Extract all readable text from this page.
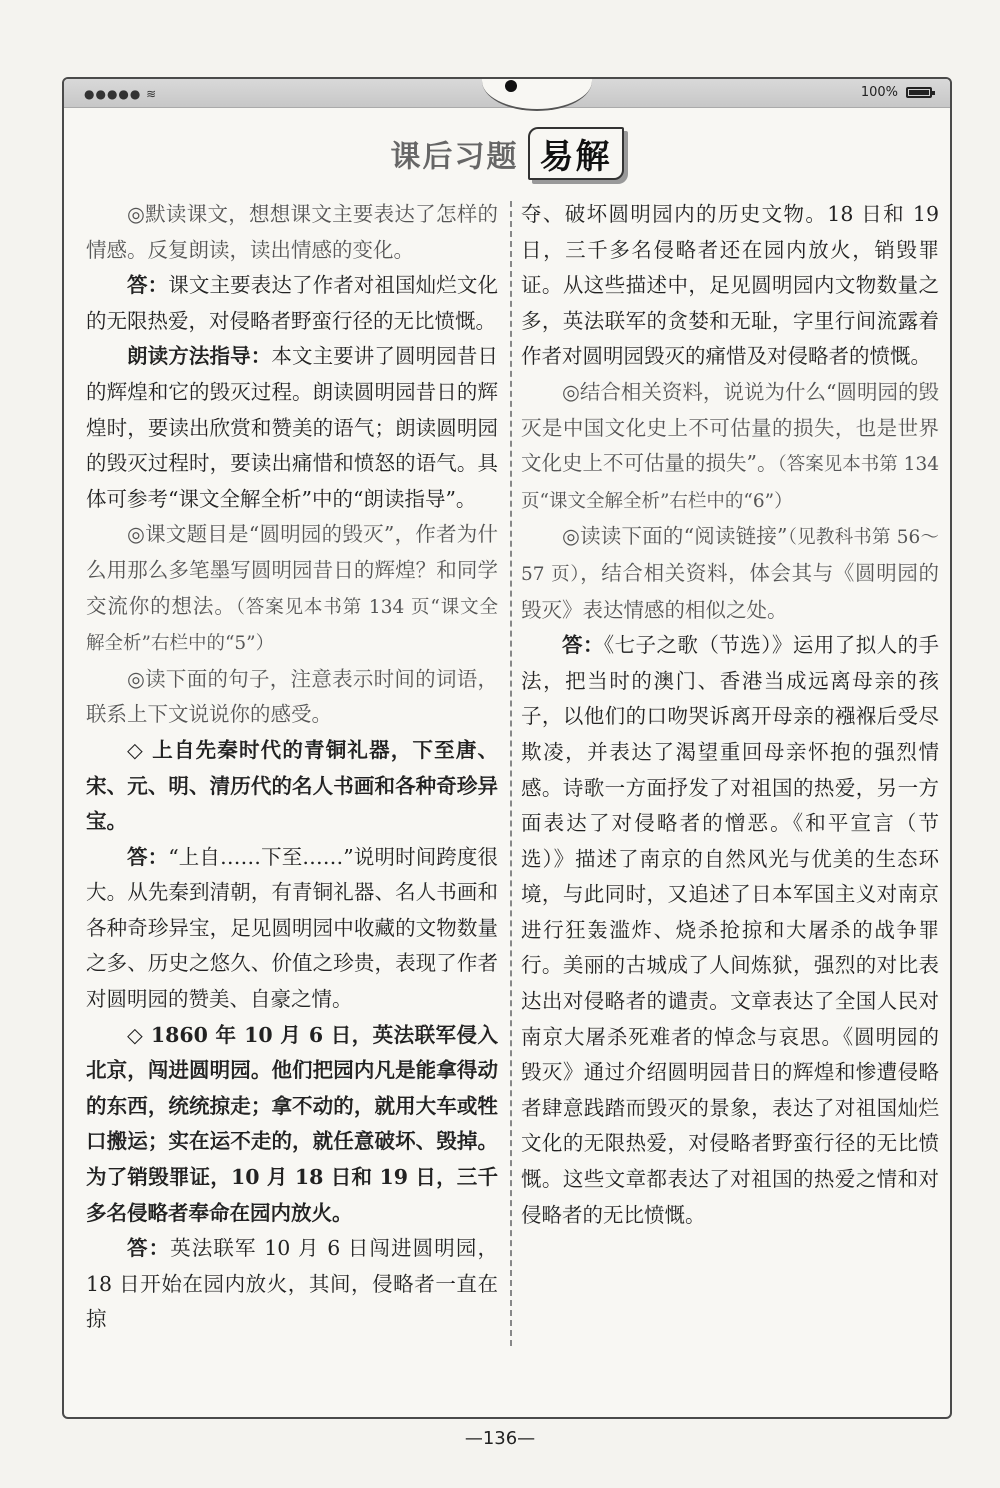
●●●●● ≋	100%
课后习题 易解

◎默读课文，想想课文主要表达了怎样的情感。反复朗读，读出情感的变化。

答：课文主要表达了作者对祖国灿烂文化的无限热爱，对侵略者野蛮行径的无比愤慨。

朗读方法指导：本文主要讲了圆明园昔日的辉煌和它的毁灭过程。朗读圆明园昔日的辉煌时，要读出欣赏和赞美的语气；朗读圆明园的毁灭过程时，要读出痛惜和愤怒的语气。具体可参考“课文全解全析”中的“朗读指导”。

◎课文题目是“圆明园的毁灭”，作者为什么用那么多笔墨写圆明园昔日的辉煌？和同学交流你的想法。（答案见本书第 134 页“课文全解全析”右栏中的“5”）

◎读下面的句子，注意表示时间的词语，联系上下文说说你的感受。

◇ 上自先秦时代的青铜礼器，下至唐、宋、元、明、清历代的名人书画和各种奇珍异宝。

答：“上自……下至……”说明时间跨度很大。从先秦到清朝，有青铜礼器、名人书画和各种奇珍异宝，足见圆明园中收藏的文物数量之多、历史之悠久、价值之珍贵，表现了作者对圆明园的赞美、自豪之情。

◇ 1860 年 10 月 6 日，英法联军侵入北京，闯进圆明园。他们把园内凡是能拿得动的东西，统统掠走；拿不动的，就用大车或牲口搬运；实在运不走的，就任意破坏、毁掉。为了销毁罪证，10 月 18 日和 19 日，三千多名侵略者奉命在园内放火。

答：英法联军 10 月 6 日闯进圆明园，18 日开始在园内放火，其间，侵略者一直在掠

夺、破坏圆明园内的历史文物。18 日和 19 日，三千多名侵略者还在园内放火，销毁罪证。从这些描述中，足见圆明园内文物数量之多，英法联军的贪婪和无耻，字里行间流露着作者对圆明园毁灭的痛惜及对侵略者的愤慨。

◎结合相关资料，说说为什么“圆明园的毁灭是中国文化史上不可估量的损失，也是世界文化史上不可估量的损失”。（答案见本书第 134 页“课文全解全析”右栏中的“6”）

◎读读下面的“阅读链接”（见教科书第 56～57 页），结合相关资料，体会其与《圆明园的毁灭》表达情感的相似之处。

答：《七子之歌（节选）》运用了拟人的手法，把当时的澳门、香港当成远离母亲的孩子，以他们的口吻哭诉离开母亲的襁褓后受尽欺凌，并表达了渴望重回母亲怀抱的强烈情感。诗歌一方面抒发了对祖国的热爱，另一方面表达了对侵略者的憎恶。《和平宣言（节选）》描述了南京的自然风光与优美的生态环境，与此同时，又追述了日本军国主义对南京进行狂轰滥炸、烧杀抢掠和大屠杀的战争罪行。美丽的古城成了人间炼狱，强烈的对比表达出对侵略者的谴责。文章表达了全国人民对南京大屠杀死难者的悼念与哀思。《圆明园的毁灭》通过介绍圆明园昔日的辉煌和惨遭侵略者肆意践踏而毁灭的景象，表达了对祖国灿烂文化的无限热爱，对侵略者野蛮行径的无比愤慨。这些文章都表达了对祖国的热爱之情和对侵略者的无比愤慨。

—136—
